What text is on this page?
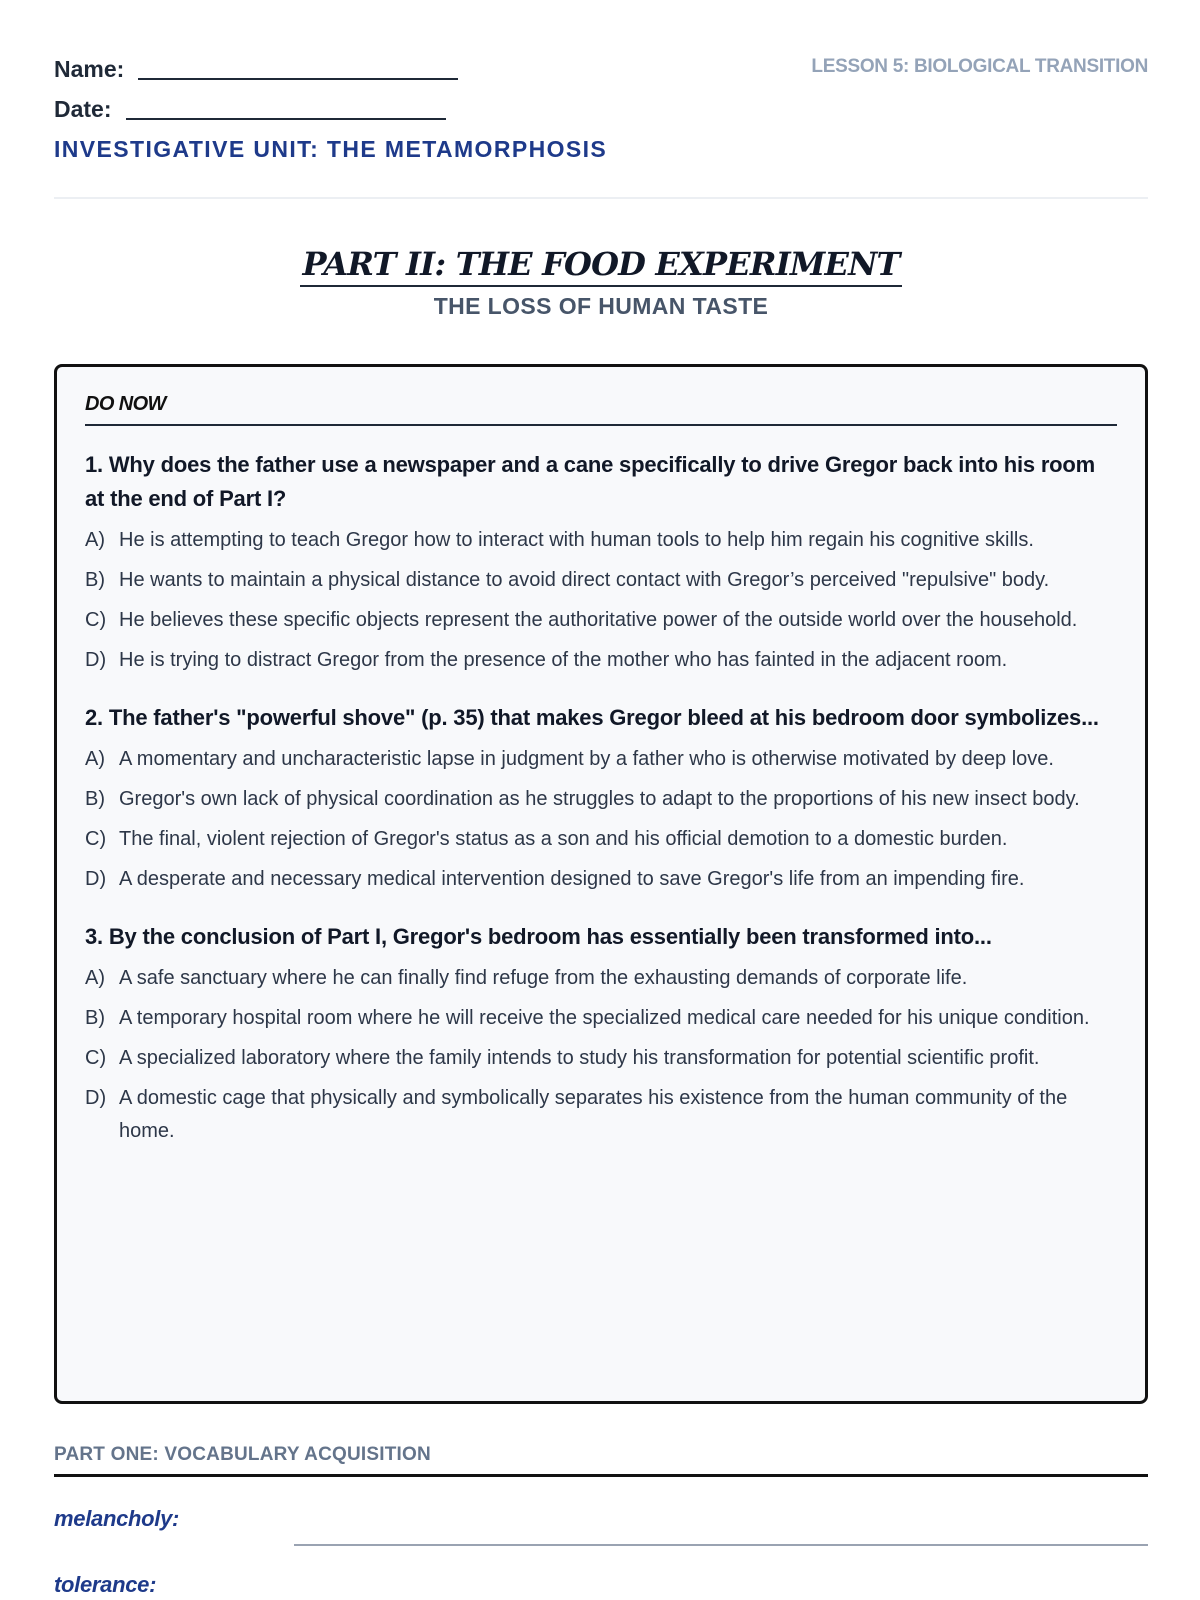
Name:
Date:
LESSON 5: BIOLOGICAL TRANSITION
INVESTIGATIVE UNIT: THE METAMORPHOSIS
PART II: THE FOOD EXPERIMENT
THE LOSS OF HUMAN TASTE
DO NOW
1. Why does the father use a newspaper and a cane specifically to drive Gregor back into his room at the end of Part I?
A) He is attempting to teach Gregor how to interact with human tools to help him regain his cognitive skills.
B) He wants to maintain a physical distance to avoid direct contact with Gregor’s perceived "repulsive" body.
C) He believes these specific objects represent the authoritative power of the outside world over the household.
D) He is trying to distract Gregor from the presence of the mother who has fainted in the adjacent room.
2. The father's "powerful shove" (p. 35) that makes Gregor bleed at his bedroom door symbolizes...
A) A momentary and uncharacteristic lapse in judgment by a father who is otherwise motivated by deep love.
B) Gregor's own lack of physical coordination as he struggles to adapt to the proportions of his new insect body.
C) The final, violent rejection of Gregor's status as a son and his official demotion to a domestic burden.
D) A desperate and necessary medical intervention designed to save Gregor's life from an impending fire.
3. By the conclusion of Part I, Gregor's bedroom has essentially been transformed into...
A) A safe sanctuary where he can finally find refuge from the exhausting demands of corporate life.
B) A temporary hospital room where he will receive the specialized medical care needed for his unique condition.
C) A specialized laboratory where the family intends to study his transformation for potential scientific profit.
D) A domestic cage that physically and symbolically separates his existence from the human community of the home.
PART ONE: VOCABULARY ACQUISITION
melancholy:
tolerance:
